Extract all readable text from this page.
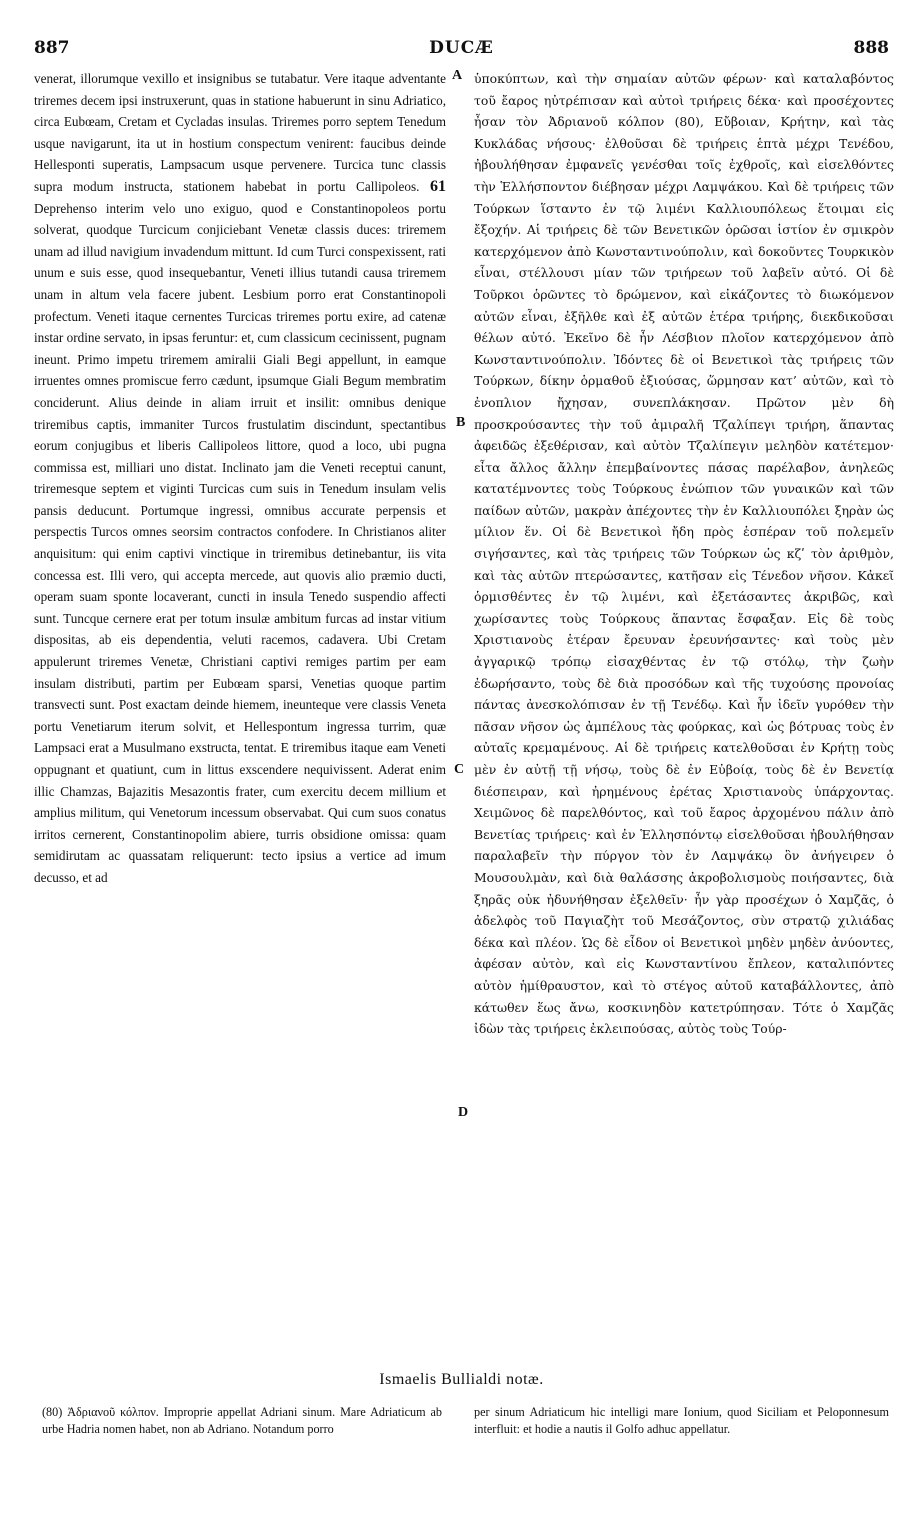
887	DUCÆ	888

venerat, illorumque vexillo et insignibus se tutabatur. Vere itaque adventante triremes decem ipsi instruxerunt, quas in statione habuerunt in sinu Adriatico, circa Eubœam, Cretam et Cycladas insulas. Triremes porro septem Tenedum usque navigarunt, ita ut in hostium conspectum venirent: faucibus deinde Hellesponti superatis, Lampsacum usque pervenere. Turcica tunc classis supra modum instructa, stationem habebat in portu Callipoleos. 61 Deprehenso interim velo uno exiguo, quod e Constantinopoleos portu solverat, quodque Turcicum conjiciebant Venetæ classis duces: triremem unam ad illud navigium invadendum mittunt. Id cum Turci conspexissent, rati unum e suis esse, quod insequebantur, Veneti illius tutandi causa triremem unam in altum vela facere jubent. Lesbium porro erat Constantinopoli profectum. Veneti itaque cernentes Turcicas triremes portu exire, ad catenæ instar ordine servato, in ipsas feruntur: et, cum classicum cecinissent, pugnam ineunt. Primo impetu triremem amiralii Giali Begi appellunt, in eamque irruentes omnes promiscue ferro cædunt, ipsumque Giali Begum membratim conciderunt. Alius deinde in aliam irruit et insilit: omnibus denique triremibus captis, immaniter Turcos frustulatim discindunt, spectantibus eorum conjugibus et liberis Callipoleos littore, quod a loco, ubi pugna commissa est, milliari uno distat. Inclinato jam die Veneti receptui canunt, triremesque septem et viginti Turcicas cum suis in Tenedum insulam velis pansis deducunt. Portumque ingressi, omnibus accurate perpensis et perspectis Turcos omnes seorsim contractos confodere. In Christianos aliter anquisitum: qui enim captivi vinctique in triremibus detinebantur, iis vita concessa est. Illi vero, qui accepta mercede, aut quovis alio præmio ducti, operam suam sponte locaverant, cuncti in insula Tenedo suspendio affecti sunt. Tuncque cernere erat per totum insulæ ambitum furcas ad instar vitium dispositas, ab eis dependentia, veluti racemos, cadavera. Ubi Cretam appulerunt triremes Venetæ, Christiani captivi remiges partim per eam insulam distributi, partim per Eubœam sparsi, Venetias quoque partim transvecti sunt. Post exactam deinde hiemem, ineunteque vere classis Veneta portu Venetiarum iterum solvit, et Hellespontum ingressa turrim, quæ Lampsaci erat a Musulmano exstructa, tentat. E triremibus itaque eam Veneti oppugnant et quatiunt, cum in littus exscendere nequivissent. Aderat enim illic Chamzas, Bajazitis Mesazontis frater, cum exercitu decem millium et amplius militum, qui Venetorum incessum observabat. Qui cum suos conatus irritos cernerent, Constantinopolim abiere, turris obsidione omissa: quam semidirutam ac quassatam reliquerunt: tecto ipsius a vertice ad imum decusso, et ad

A
B
C
D

ὑποκύπτων, καὶ τὴν σημαίαν αὐτῶν φέρων· καὶ καταλαβόντος τοῦ ἔαρος ηὐτρέπισαν καὶ αὐτοὶ τριήρεις δέκα· καὶ προσέχοντες ἦσαν τὸν Ἀδριανοῦ κόλπον (80), Εὔβοιαν, Κρήτην, καὶ τὰς Κυκλάδας νήσους· ἐλθοῦσαι δὲ τριήρεις ἑπτὰ μέχρι Τενέδου, ἠβουλήθησαν ἐμφανεῖς γενέσθαι τοῖς ἐχθροῖς, καὶ εἰσελθόντες τὴν Ἑλλήσποντον διέβησαν μέχρι Λαμψάκου. Καὶ δὲ τριήρεις τῶν Τούρκων ἵσταντο ἐν τῷ λιμένι Καλλιουπόλεως ἕτοιμαι εἰς ἔξοχήν. Αἱ τριήρεις δὲ τῶν Βενετικῶν ὁρῶσαι ἱστίον ἐν σμικρὸν κατερχόμενον ἀπὸ Κωνσταντινούπολιν, καὶ δοκοῦντες Τουρκικὸν εἶναι, στέλλουσι μίαν τῶν τριήρεων τοῦ λαβεῖν αὐτό. Οἱ δὲ Τοῦρκοι ὁρῶντες τὸ δρώμενον, καὶ εἰκάζοντες τὸ διωκόμενον αὐτῶν εἶναι, ἐξῆλθε καὶ ἐξ αὐτῶν ἑτέρα τριήρης, διεκδικοῦσαι θέλων αὐτό. Ἐκεῖνο δὲ ἦν Λέσβιον πλοῖον κατερχόμενον ἀπὸ Κωνσταντινούπολιν. Ἰδόντες δὲ οἱ Βενετικοὶ τὰς τριήρεις τῶν Τούρκων, δίκην ὁρμαθοῦ ἐξιούσας, ὥρμησαν κατ’ αὐτῶν, καὶ τὸ ἐνοπλιον ἤχησαν, συνεπλάκησαν. Πρῶτον μὲν δὴ προσκρούσαντες τὴν τοῦ ἀμιραλῆ Τζαλίπεγι τριήρη, ἅπαντας ἀφειδῶς ἐξεθέρισαν, καὶ αὐτὸν Τζαλίπεγιν μεληδὸν κατέτεμον· εἶτα ἄλλος ἄλλην ἐπεμβαίνοντες πάσας παρέλαβον, ἀνηλεῶς κατατέμνοντες τοὺς Τούρκους ἐνώπιον τῶν γυναικῶν καὶ τῶν παίδων αὐτῶν, μακρὰν ἀπέχοντες τὴν ἐν Καλλιουπόλει ξηρὰν ὡς μίλιον ἕν. Οἱ δὲ Βενετικοὶ ἤδη πρὸς ἑσπέραν τοῦ πολεμεῖν σιγήσαντες, καὶ τὰς τριήρεις τῶν Τούρκων ὡς κζʹ τὸν ἀριθμὸν, καὶ τὰς αὐτῶν πτερώσαντες, κατῆσαν εἰς Τένεδον νῆσον. Κἀκεῖ ὁρμισθέντες ἐν τῷ λιμένι, καὶ ἐξετάσαντες ἀκριβῶς, καὶ χωρίσαντες τοὺς Τούρκους ἅπαντας ἔσφαξαν. Εἰς δὲ τοὺς Χριστιανοὺς ἑτέραν ἔρευναν ἐρευνήσαντες· καὶ τοὺς μὲν ἀγγαρικῷ τρόπῳ εἰσαχθέντας ἐν τῷ στόλῳ, τὴν ζωὴν ἐδωρήσαντο, τοὺς δὲ διὰ προσόδων καὶ τῆς τυχούσης προνοίας πάντας ἀνεσκολόπισαν ἐν τῇ Τενέδῳ. Καὶ ἦν ἰδεῖν γυρόθεν τὴν πᾶσαν νῆσον ὡς ἀμπέλους τὰς φούρκας, καὶ ὡς βότρυας τοὺς ἐν αὐταῖς κρεμαμένους. Αἱ δὲ τριήρεις κατελθοῦσαι ἐν Κρήτῃ τοὺς μὲν ἐν αὐτῇ τῇ νήσῳ, τοὺς δὲ ἐν Εὐβοίᾳ, τοὺς δὲ ἐν Βενετίᾳ διέσπειραν, καὶ ἠρημένους ἐρέτας Χριστιανοὺς ὑπάρχοντας. Χειμῶνος δὲ παρελθόντος, καὶ τοῦ ἔαρος ἀρχομένου πάλιν ἀπὸ Βενετίας τριήρεις· καὶ ἐν Ἑλλησπόντῳ εἰσελθοῦσαι ἠβουλήθησαν παραλαβεῖν τὴν πύργον τὸν ἐν Λαμψάκῳ ὃν ἀνήγειρεν ὁ Μουσουλμὰν, καὶ διὰ θαλάσσης ἀκροβολισμοὺς ποιήσαντες, διὰ ξηρᾶς οὐκ ἠδυνήθησαν ἐξελθεῖν· ἦν γὰρ προσέχων ὁ Χαμζᾶς, ὁ ἀδελφὸς τοῦ Παγιαζὴτ τοῦ Μεσάζοντος, σὺν στρατῷ χιλιάδας δέκα καὶ πλέον. Ὡς δὲ εἶδον οἱ Βενετικοὶ μηδὲν μηδὲν ἀνύοντες, ἀφέσαν αὐτὸν, καὶ εἰς Κωνσταντίνου ἔπλεον, καταλιπόντες αὐτὸν ἡμίθραυστον, καὶ τὸ στέγος αὐτοῦ καταβάλλοντες, ἀπὸ κάτωθεν ἕως ἄνω, κοσκινηδὸν κατετρύπησαν. Τότε ὁ Χαμζᾶς ἰδὼν τὰς τριήρεις ἐκλειπούσας, αὐτὸς τοὺς Τούρ-

Ismaelis Bullialdi notæ.

(80) Ἀδριανοῦ κόλπον. Improprie appellat Adriani sinum. Mare Adriaticum ab urbe Hadria nomen habet, non ab Adriano. Notandum porro

per sinum Adriaticum hic intelligi mare Ionium, quod Siciliam et Peloponnesum interfluit: et hodie a nautis il Golfo adhuc appellatur.
